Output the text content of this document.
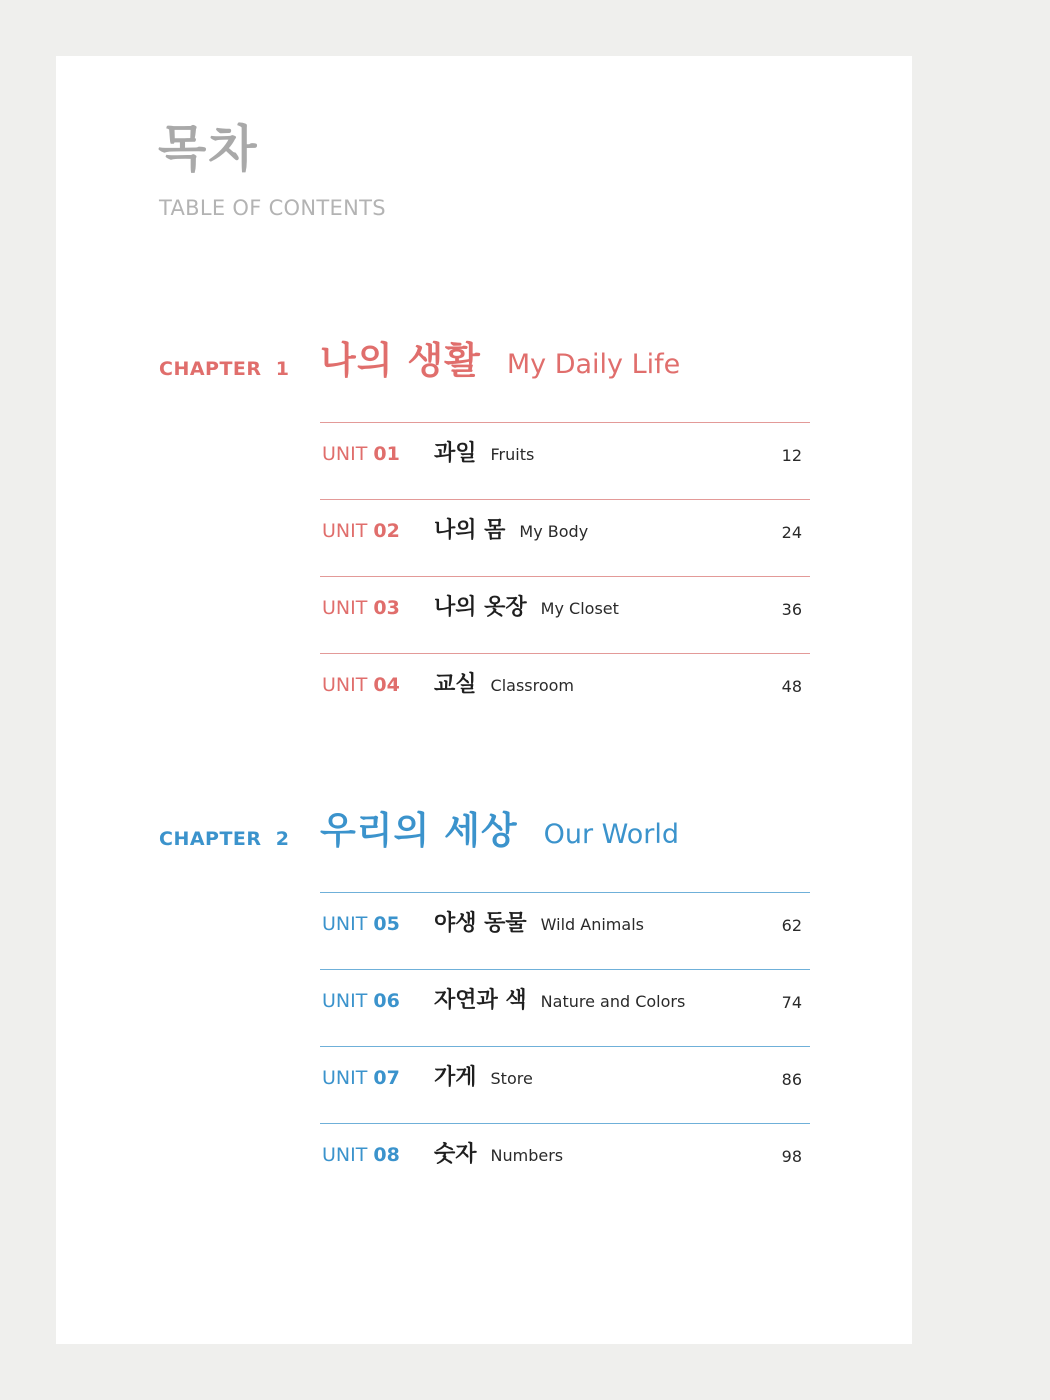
목차
TABLE OF CONTENTS
CHAPTER  1 나의 생활 My Daily Life
UNIT 01 과일 Fruits	12
UNIT 02 나의 몸 My Body	24
UNIT 03 나의 옷장 My Closet	36
UNIT 04 교실 Classroom	48
CHAPTER  2 우리의 세상 Our World
UNIT 05 야생 동물 Wild Animals	62
UNIT 06 자연과 색 Nature and Colors	74
UNIT 07 가게 Store	86
UNIT 08 숫자 Numbers	98
